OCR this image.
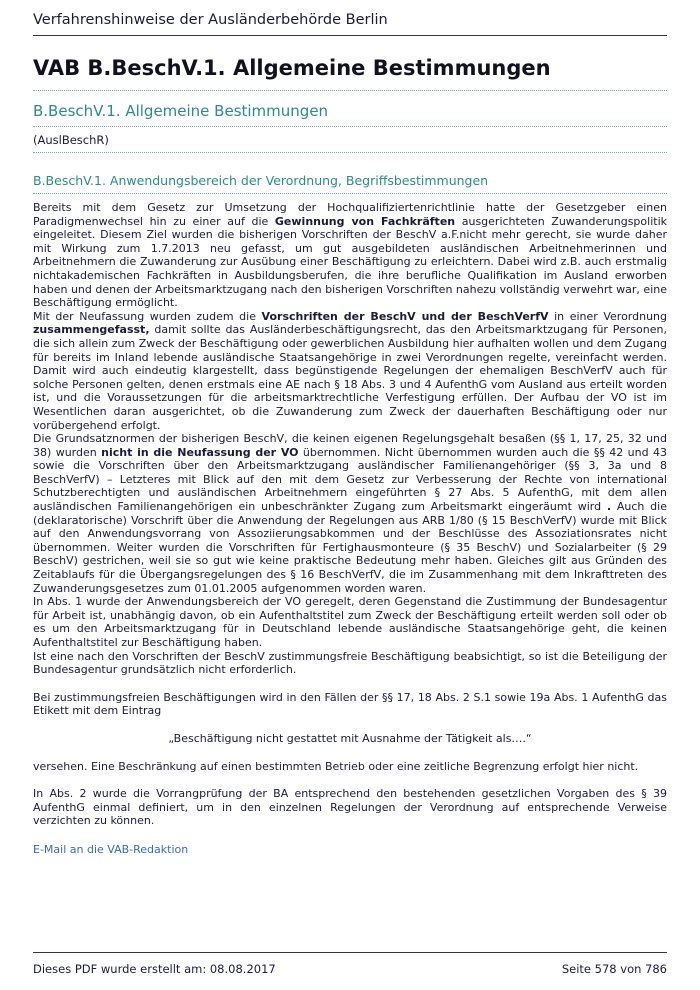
Verfahrenshinweise der Ausländerbehörde Berlin
VAB B.BeschV.1. Allgemeine Bestimmungen
B.BeschV.1. Allgemeine Bestimmungen
(AuslBeschR)
B.BeschV.1. Anwendungsbereich der Verordnung, Begriffsbestimmungen

Bereits mit dem Gesetz zur Umsetzung der Hochqualifiziertenrichtlinie hatte der Gesetzgeber einen Paradigmenwechsel hin zu einer auf die Gewinnung von Fachkräften ausgerichteten Zuwanderungspolitik eingeleitet. Diesem Ziel wurden die bisherigen Vorschriften der BeschV a.F.nicht mehr gerecht, sie wurde daher mit Wirkung zum 1.7.2013 neu gefasst, um gut ausgebildeten ausländischen Arbeitnehmerinnen und Arbeitnehmern die Zuwanderung zur Ausübung einer Beschäftigung zu erleichtern. Dabei wird z.B. auch erstmalig nichtakademischen Fachkräften in Ausbildungsberufen, die ihre berufliche Qualifikation im Ausland erworben haben und denen der Arbeitsmarktzugang nach den bisherigen Vorschriften nahezu vollständig verwehrt war, eine Beschäftigung ermöglicht.

Mit der Neufassung wurden zudem die Vorschriften der BeschV und der BeschVerfV in einer Verordnung zusammengefasst, damit sollte das Ausländerbeschäftigungsrecht, das den Arbeitsmarktzugang für Personen, die sich allein zum Zweck der Beschäftigung oder gewerblichen Ausbildung hier aufhalten wollen und dem Zugang für bereits im Inland lebende ausländische Staatsangehörige in zwei Verordnungen regelte, vereinfacht werden. Damit wird auch eindeutig klargestellt, dass begünstigende Regelungen der ehemaligen BeschVerfV auch für solche Personen gelten, denen erstmals eine AE nach § 18 Abs. 3 und 4 AufenthG vom Ausland aus erteilt worden ist, und die Voraussetzungen für die arbeitsmarktrechtliche Verfestigung erfüllen. Der Aufbau der VO ist im Wesentlichen daran ausgerichtet, ob die Zuwanderung zum Zweck der dauerhaften Beschäftigung oder nur vorübergehend erfolgt.

Die Grundsatznormen der bisherigen BeschV, die keinen eigenen Regelungsgehalt besaßen (§§ 1, 17, 25, 32 und 38) wurden nicht in die Neufassung der VO übernommen. Nicht übernommen wurden auch die §§ 42 und 43 sowie die Vorschriften über den Arbeitsmarktzugang ausländischer Familienangehöriger (§§ 3, 3a und 8 BeschVerfV) – Letzteres mit Blick auf den mit dem Gesetz zur Verbesserung der Rechte von international Schutzberechtigten und ausländischen Arbeitnehmern eingeführten § 27 Abs. 5 AufenthG, mit dem allen ausländischen Familienangehörigen ein unbeschränkter Zugang zum Arbeitsmarkt eingeräumt wird . Auch die (deklaratorische) Vorschrift über die Anwendung der Regelungen aus ARB 1/80 (§ 15 BeschVerfV) wurde mit Blick auf den Anwendungsvorrang von Assoziierungsabkommen und der Beschlüsse des Assoziationsrates nicht übernommen. Weiter wurden die Vorschriften für Fertighausmonteure (§ 35 BeschV) und Sozialarbeiter (§ 29 BeschV) gestrichen, weil sie so gut wie keine praktische Bedeutung mehr haben. Gleiches gilt aus Gründen des Zeitablaufs für die Übergangsregelungen des § 16 BeschVerfV, die im Zusammenhang mit dem Inkrafttreten des Zuwanderungsgesetzes zum 01.01.2005 aufgenommen worden waren.

In Abs. 1 wurde der Anwendungsbereich der VO geregelt, deren Gegenstand die Zustimmung der Bundesagentur für Arbeit ist, unabhängig davon, ob ein Aufenthaltstitel zum Zweck der Beschäftigung erteilt werden soll oder ob es um den Arbeitsmarktzugang für in Deutschland lebende ausländische Staatsangehörige geht, die keinen Aufenthaltstitel zur Beschäftigung haben.

Ist eine nach den Vorschriften der BeschV zustimmungsfreie Beschäftigung beabsichtigt, so ist die Beteiligung der Bundesagentur grundsätzlich nicht erforderlich.

Bei zustimmungsfreien Beschäftigungen wird in den Fällen der §§ 17, 18 Abs. 2 S.1 sowie 19a Abs. 1 AufenthG das Etikett mit dem Eintrag

„Beschäftigung nicht gestattet mit Ausnahme der Tätigkeit als….“

versehen. Eine Beschränkung auf einen bestimmten Betrieb oder eine zeitliche Begrenzung erfolgt hier nicht.

In Abs. 2 wurde die Vorrangprüfung der BA entsprechend den bestehenden gesetzlichen Vorgaben des § 39 AufenthG einmal definiert, um in den einzelnen Regelungen der Verordnung auf entsprechende Verweise verzichten zu können.

E-Mail an die VAB-Redaktion
Dieses PDF wurde erstellt am: 08.08.2017	Seite 578 von 786
